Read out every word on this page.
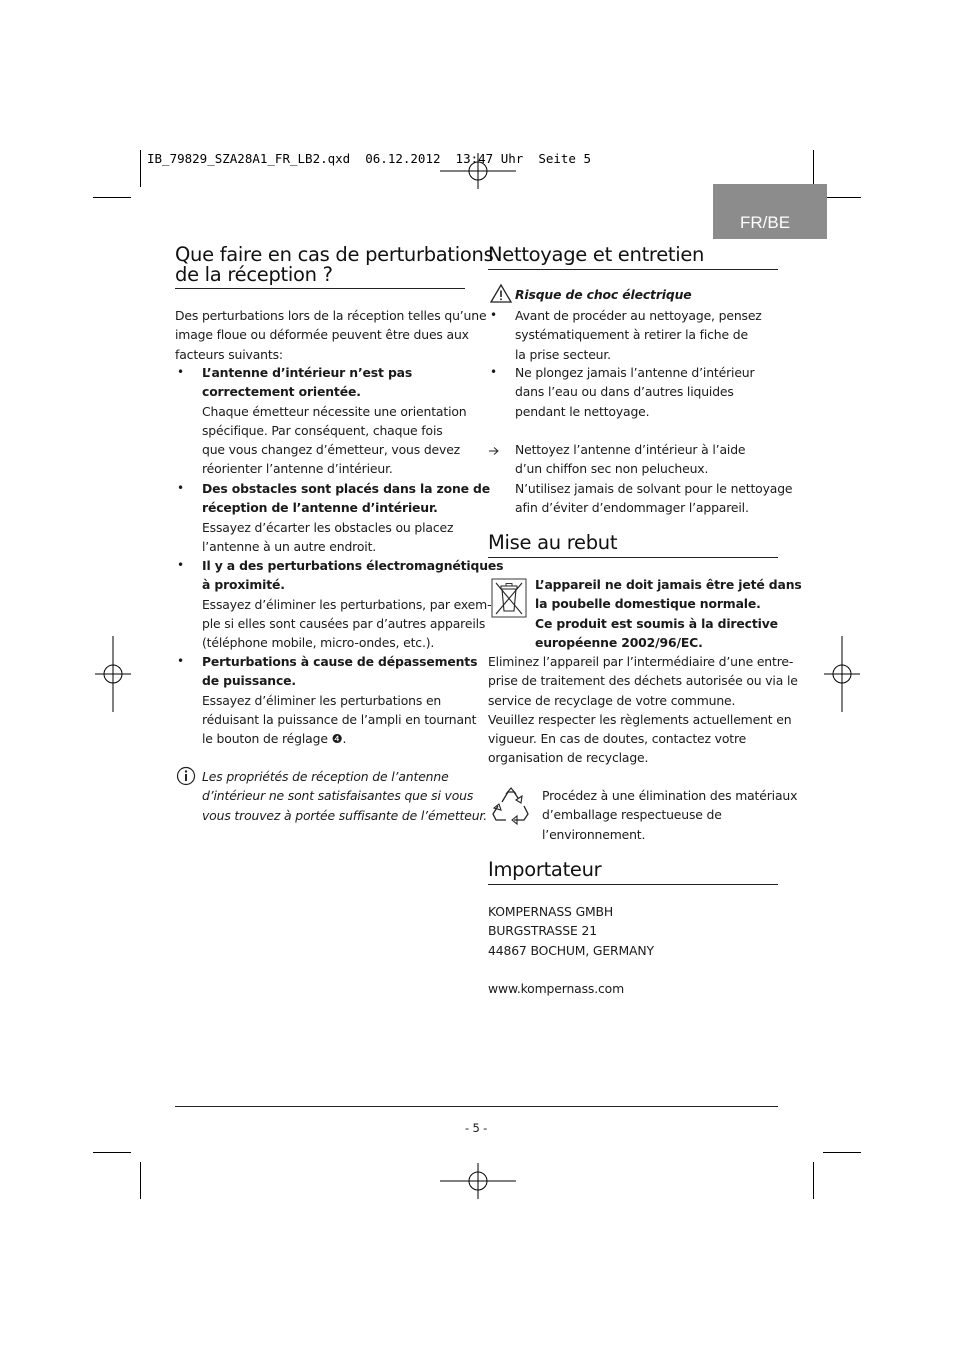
IB_79829_SZA28A1_FR_LB2.qxd  06.12.2012  13:47 Uhr  Seite 5
FR/BE
Que faire en cas de perturbations
de la réception ?
Des perturbations lors de la réception telles qu’une
image floue ou déformée peuvent être dues aux
facteurs suivants:
• L’antenne d’intérieur n’est pas
correctement orientée.
Chaque émetteur nécessite une orientation
spécifique. Par conséquent, chaque fois
que vous changez d’émetteur, vous devez
réorienter l’antenne d’intérieur.
• Des obstacles sont placés dans la zone de
réception de l’antenne d’intérieur.
Essayez d’écarter les obstacles ou placez
l’antenne à un autre endroit.
• Il y a des perturbations électromagnétiques
à proximité.
Essayez d’éliminer les perturbations, par exem-
ple si elles sont causées par d’autres appareils
(téléphone mobile, micro-ondes, etc.).
• Perturbations à cause de dépassements
de puissance.
Essayez d’éliminer les perturbations en
réduisant la puissance de l’ampli en tournant
le bouton de réglage ❹.
Les propriétés de réception de l’antenne
d’intérieur ne sont satisfaisantes que si vous
vous trouvez à portée suffisante de l’émetteur.
Nettoyage et entretien
Risque de choc électrique
• Avant de procéder au nettoyage, pensez
systématiquement à retirer la fiche de
la prise secteur.
• Ne plongez jamais l’antenne d’intérieur
dans l’eau ou dans d’autres liquides
pendant le nettoyage.
Nettoyez l’antenne d’intérieur à l’aide
d’un chiffon sec non pelucheux.
N’utilisez jamais de solvant pour le nettoyage
afin d’éviter d’endommager l’appareil.
Mise au rebut
L’appareil ne doit jamais être jeté dans
la poubelle domestique normale.
Ce produit est soumis à la directive
européenne 2002/96/EC.
Eliminez l’appareil par l’intermédiaire d’une entre-
prise de traitement des déchets autorisée ou via le
service de recyclage de votre commune.
Veuillez respecter les règlements actuellement en
vigueur. En cas de doutes, contactez votre
organisation de recyclage.
Procédez à une élimination des matériaux
d’emballage respectueuse de
l’environnement.
Importateur
KOMPERNASS GMBH
BURGSTRASSE 21
44867 BOCHUM, GERMANY
www.kompernass.com
- 5 -
